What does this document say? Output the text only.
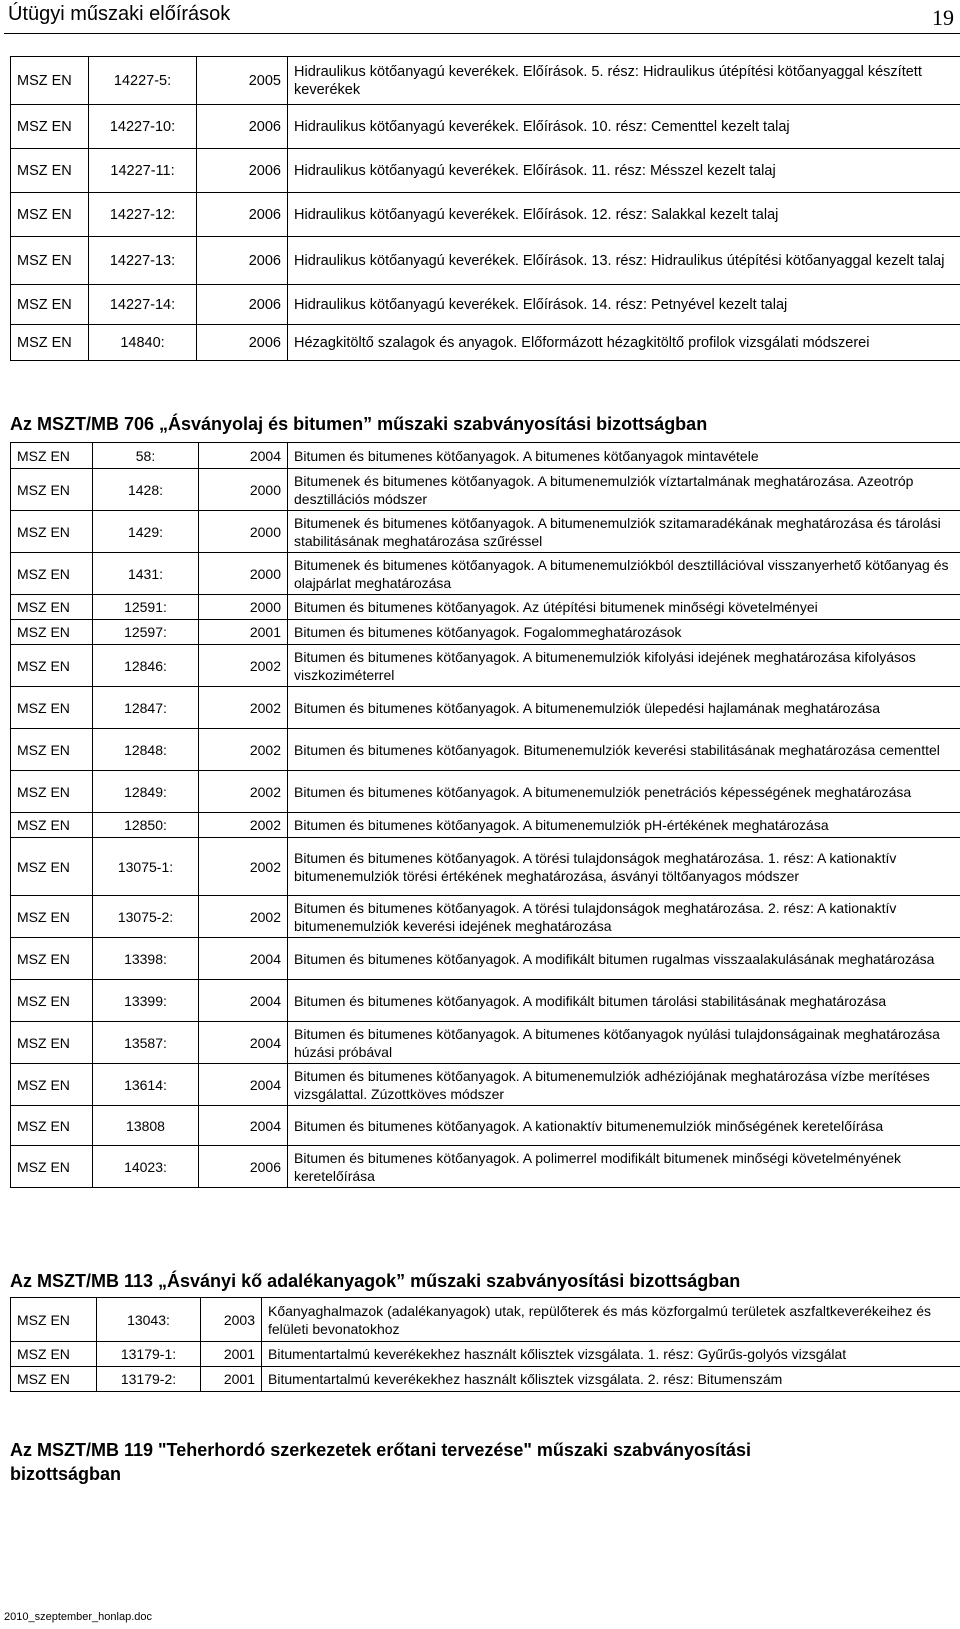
Útügyi műszaki előírások	19
MSZ EN	14227-5:	2005	Hidraulikus kötőanyagú keverékek. Előírások. 5. rész: Hidraulikus útépítési kötőanyaggal készített keverékek
MSZ EN	14227-10:	2006	Hidraulikus kötőanyagú keverékek. Előírások. 10. rész: Cementtel kezelt talaj
MSZ EN	14227-11:	2006	Hidraulikus kötőanyagú keverékek. Előírások. 11. rész: Mésszel kezelt talaj
MSZ EN	14227-12:	2006	Hidraulikus kötőanyagú keverékek. Előírások. 12. rész: Salakkal kezelt talaj
MSZ EN	14227-13:	2006	Hidraulikus kötőanyagú keverékek. Előírások. 13. rész: Hidraulikus útépítési kötőanyaggal kezelt talaj
MSZ EN	14227-14:	2006	Hidraulikus kötőanyagú keverékek. Előírások. 14. rész: Petnyével kezelt talaj
MSZ EN	14840:	2006	Hézagkitöltő szalagok és anyagok. Előformázott hézagkitöltő profilok vizsgálati módszerei
Az MSZT/MB 706 „Ásványolaj és bitumen” műszaki szabványosítási bizottságban
MSZ EN	58:	2004	Bitumen és bitumenes kötőanyagok. A bitumenes kötőanyagok mintavétele
MSZ EN	1428:	2000	Bitumenek és bitumenes kötőanyagok. A bitumenemulziók víztartalmának meghatározása. Azeotróp desztillációs módszer
MSZ EN	1429:	2000	Bitumenek és bitumenes kötőanyagok. A bitumenemulziók szitamaradékának meghatározása és tárolási stabilitásának meghatározása szűréssel
MSZ EN	1431:	2000	Bitumenek és bitumenes kötőanyagok. A bitumenemulziókból desztillációval visszanyerhető kötőanyag és olajpárlat meghatározása
MSZ EN	12591:	2000	Bitumen és bitumenes kötőanyagok. Az útépítési bitumenek minőségi követelményei
MSZ EN	12597:	2001	Bitumen és bitumenes kötőanyagok. Fogalommeghatározások
MSZ EN	12846:	2002	Bitumen és bitumenes kötőanyagok. A bitumenemulziók kifolyási idejének meghatározása kifolyásos viszkoziméterrel
MSZ EN	12847:	2002	Bitumen és bitumenes kötőanyagok. A bitumenemulziók ülepedési hajlamának meghatározása
MSZ EN	12848:	2002	Bitumen és bitumenes kötőanyagok. Bitumenemulziók keverési stabilitásának meghatározása cementtel
MSZ EN	12849:	2002	Bitumen és bitumenes kötőanyagok. A bitumenemulziók penetrációs képességének meghatározása
MSZ EN	12850:	2002	Bitumen és bitumenes kötőanyagok. A bitumenemulziók pH-értékének meghatározása
MSZ EN	13075-1:	2002	Bitumen és bitumenes kötőanyagok. A törési tulajdonságok meghatározása. 1. rész: A kationaktív bitumenemulziók törési értékének meghatározása, ásványi töltőanyagos módszer
MSZ EN	13075-2:	2002	Bitumen és bitumenes kötőanyagok. A törési tulajdonságok meghatározása. 2. rész: A kationaktív bitumenemulziók keverési idejének meghatározása
MSZ EN	13398:	2004	Bitumen és bitumenes kötőanyagok. A modifikált bitumen rugalmas visszaalakulásának meghatározása
MSZ EN	13399:	2004	Bitumen és bitumenes kötőanyagok. A modifikált bitumen tárolási stabilitásának meghatározása
MSZ EN	13587:	2004	Bitumen és bitumenes kötőanyagok. A bitumenes kötőanyagok nyúlási tulajdonságainak meghatározása húzási próbával
MSZ EN	13614:	2004	Bitumen és bitumenes kötőanyagok. A bitumenemulziók adhéziójának meghatározása vízbe merítéses vizsgálattal. Zúzottköves módszer
MSZ EN	13808	2004	Bitumen és bitumenes kötőanyagok. A kationaktív bitumenemulziók minőségének keretelőírása
MSZ EN	14023:	2006	Bitumen és bitumenes kötőanyagok. A polimerrel modifikált bitumenek minőségi követelményének keretelőírása
Az MSZT/MB 113 „Ásványi kő adalékanyagok” műszaki szabványosítási bizottságban
MSZ EN	13043:	2003	Kőanyaghalmazok (adalékanyagok) utak, repülőterek és más közforgalmú területek aszfaltkeverékeihez és felületi bevonatokhoz
MSZ EN	13179-1:	2001	Bitumentartalmú keverékekhez használt kőlisztek vizsgálata. 1. rész: Gyűrűs-golyós vizsgálat
MSZ EN	13179-2:	2001	Bitumentartalmú keverékekhez használt kőlisztek vizsgálata. 2. rész: Bitumenszám
Az MSZT/MB 119 "Teherhordó szerkezetek erőtani tervezése" műszaki szabványosítási
bizottságban
2010_szeptember_honlap.doc
